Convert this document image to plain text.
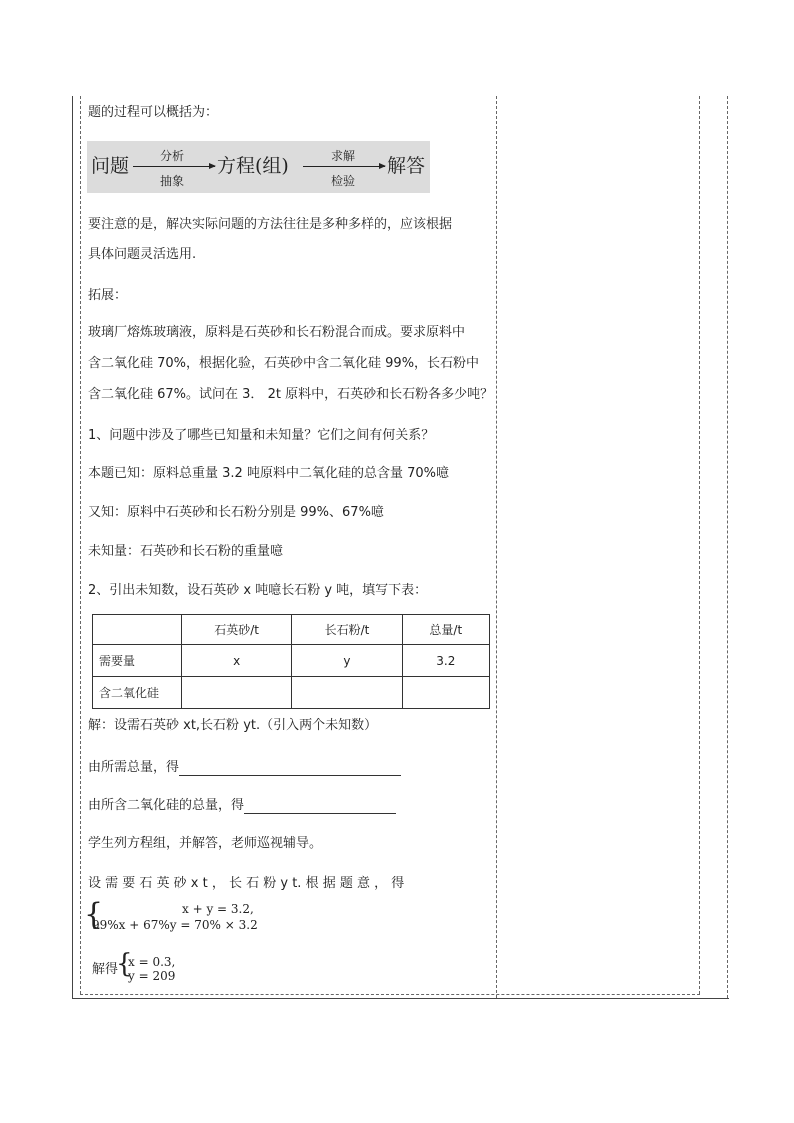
题的过程可以概括为：
问题	分析
抽象
方程(组)	求解
检验
解答
要注意的是，解决实际问题的方法往往是多种多样的，应该根据
具体问题灵活选用.
拓展：
玻璃厂熔炼玻璃液，原料是石英砂和长石粉混合而成。要求原料中
含二氧化硅 70%，根据化验，石英砂中含二氧化硅 99%，长石粉中
含二氧化硅 67%。试问在 3． 2t 原料中，石英砂和长石粉各多少吨？
1、问题中涉及了哪些已知量和未知量？它们之间有何关系？
本题已知：原料总重量 3.2 吨原料中二氧化硅的总含量 70%噫
又知：原料中石英砂和长石粉分别是 99%、67%噫
未知量：石英砂和长石粉的重量噫
2、引出未知数，设石英砂 x 吨噫长石粉 y 吨，填写下表：
	石英砂/t	长石粉/t	总量/t
需要量	x	y	3.2
含二氧化硅			
解：设需石英砂 xt,长石粉 yt.（引入两个未知数）
由所需总量，得
由所含二氧化硅的总量，得
学生列方程组，并解答，老师巡视辅导。
设 需 要 石 英 砂 x t ， 长 石 粉 y t. 根 据 题 意 ， 得
{	x + y = 3.2,
99%x + 67%y = 70% × 3.2
解得
{
x = 0.3,
y = 209
